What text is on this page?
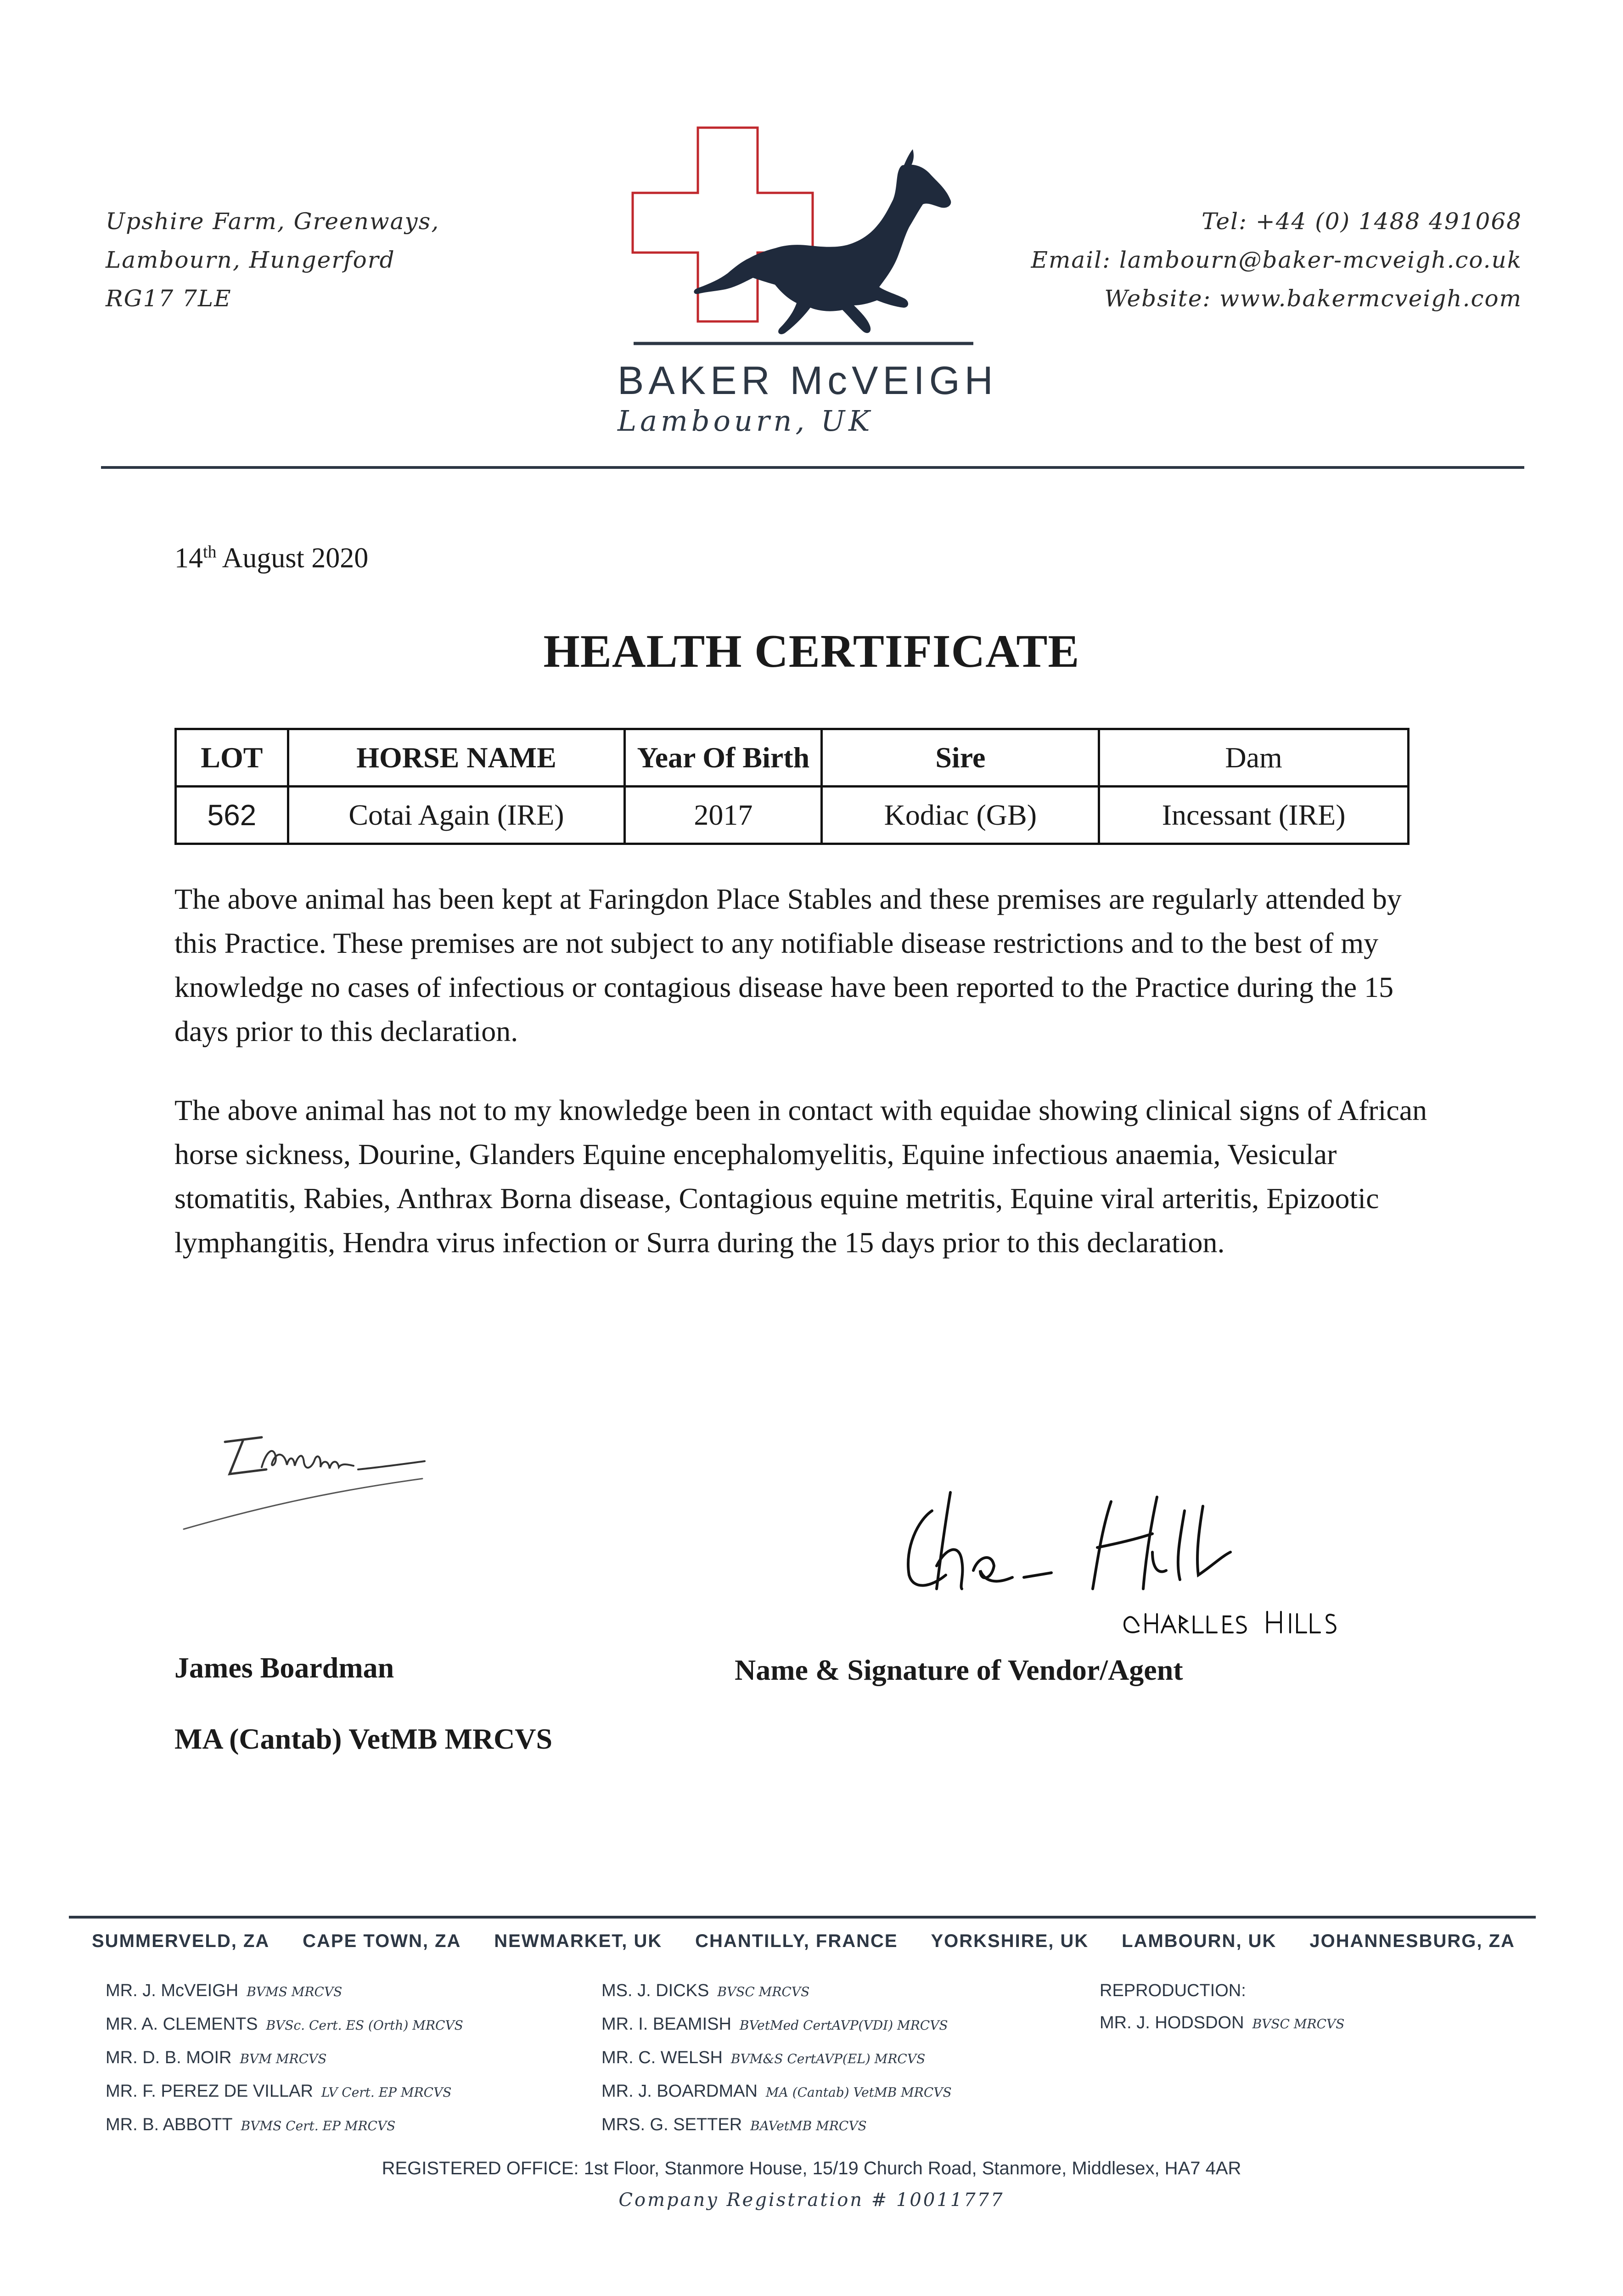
Upshire Farm, Greenways,
Lambourn, Hungerford
RG17 7LE
BAKER McVEIGH
Lambourn, UK
Tel: +44 (0) 1488 491068
Email: lambourn@baker-mcveigh.co.uk
Website: www.bakermcveigh.com
14th August 2020
HEALTH CERTIFICATE
LOT	HORSE NAME	Year Of Birth	Sire	Dam
562	Cotai Again (IRE)	2017	Kodiac (GB)	Incessant (IRE)
The above animal has been kept at Faringdon Place Stables and these premises are regularly attended by this Practice. These premises are not subject to any notifiable disease restrictions and to the best of my knowledge no cases of infectious or contagious disease have been reported to the Practice during the 15 days prior to this declaration.
The above animal has not to my knowledge been in contact with equidae showing clinical signs of African horse sickness, Dourine, Glanders Equine encephalomyelitis, Equine infectious anaemia, Vesicular stomatitis, Rabies, Anthrax Borna disease, Contagious equine metritis, Equine viral arteritis, Epizootic lymphangitis, Hendra virus infection or Surra during the 15 days prior to this declaration.
James Boardman
MA (Cantab) VetMB MRCVS
Name & Signature of Vendor/Agent
SUMMERVELD, ZA CAPE TOWN, ZA NEWMARKET, UK CHANTILLY, FRANCE YORKSHIRE, UK LAMBOURN, UK JOHANNESBURG, ZA
MR. J. McVEIGH BVMS MRCVS
MR. A. CLEMENTS BVSc. Cert. ES (Orth) MRCVS
MR. D. B. MOIR BVM MRCVS
MR. F. PEREZ DE VILLAR LV Cert. EP MRCVS
MR. B. ABBOTT BVMS Cert. EP MRCVS
MS. J. DICKS BVSC MRCVS
MR. I. BEAMISH BVetMed CertAVP(VDI) MRCVS
MR. C. WELSH BVM&S CertAVP(EL) MRCVS
MR. J. BOARDMAN MA (Cantab) VetMB MRCVS
MRS. G. SETTER BAVetMB MRCVS
REPRODUCTION:
MR. J. HODSDON BVSC MRCVS
REGISTERED OFFICE: 1st Floor, Stanmore House, 15/19 Church Road, Stanmore, Middlesex, HA7 4AR
Company Registration # 10011777
